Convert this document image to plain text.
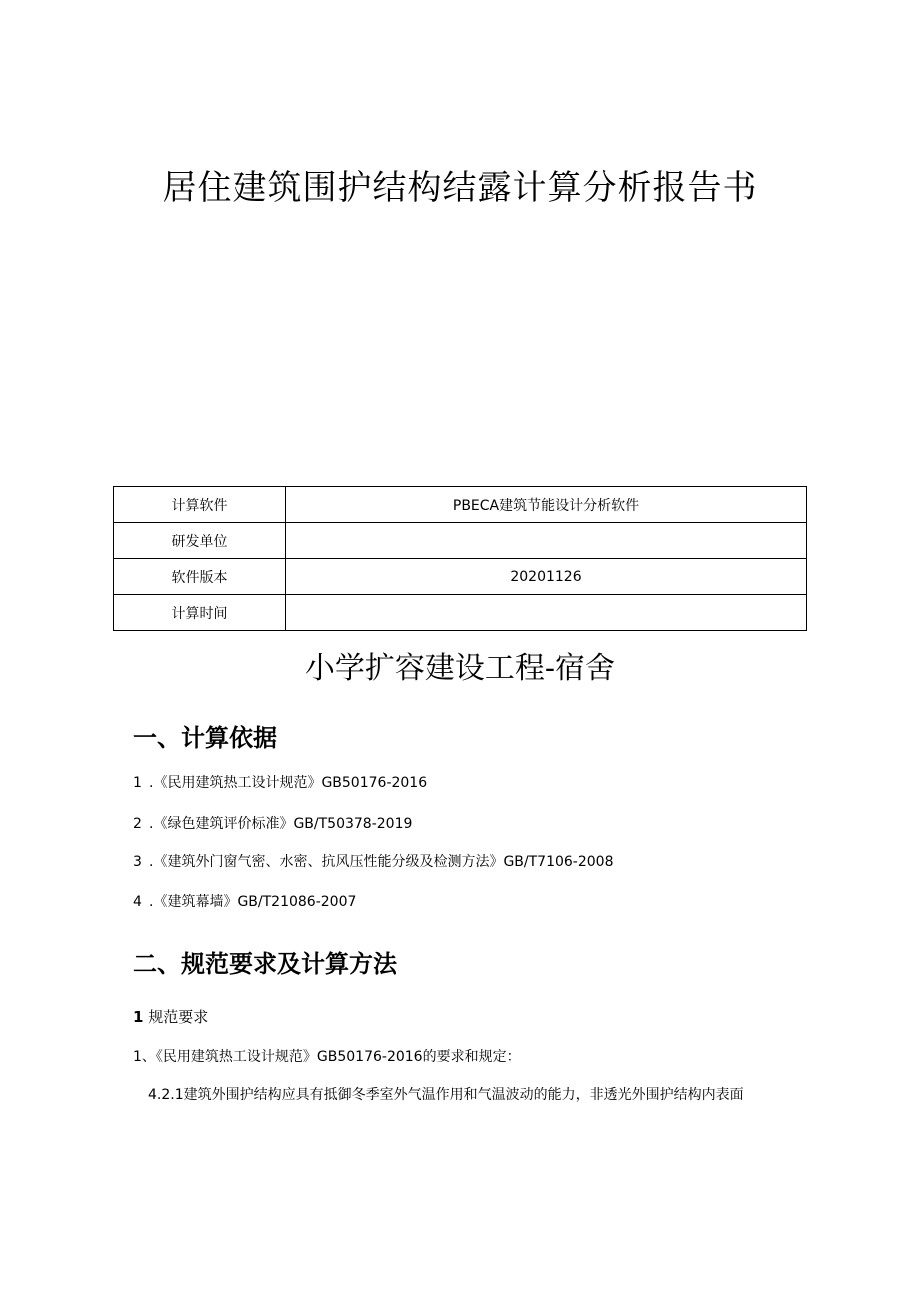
居住建筑围护结构结露计算分析报告书
计算软件	PBECA建筑节能设计分析软件
研发单位	
软件版本	20201126
计算时间	
小学扩容建设工程-宿舍
一、计算依据
1 .《民用建筑热工设计规范》GB50176-2016
2 .《绿色建筑评价标准》GB/T50378-2019
3 .《建筑外门窗气密、水密、抗风压性能分级及检测方法》GB/T7106-2008
4 .《建筑幕墙》GB/T21086-2007
二、规范要求及计算方法
1 规范要求
1、《民用建筑热工设计规范》GB50176-2016的要求和规定：
4.2.1建筑外围护结构应具有抵御冬季室外气温作用和气温波动的能力，非透光外围护结构内表面
